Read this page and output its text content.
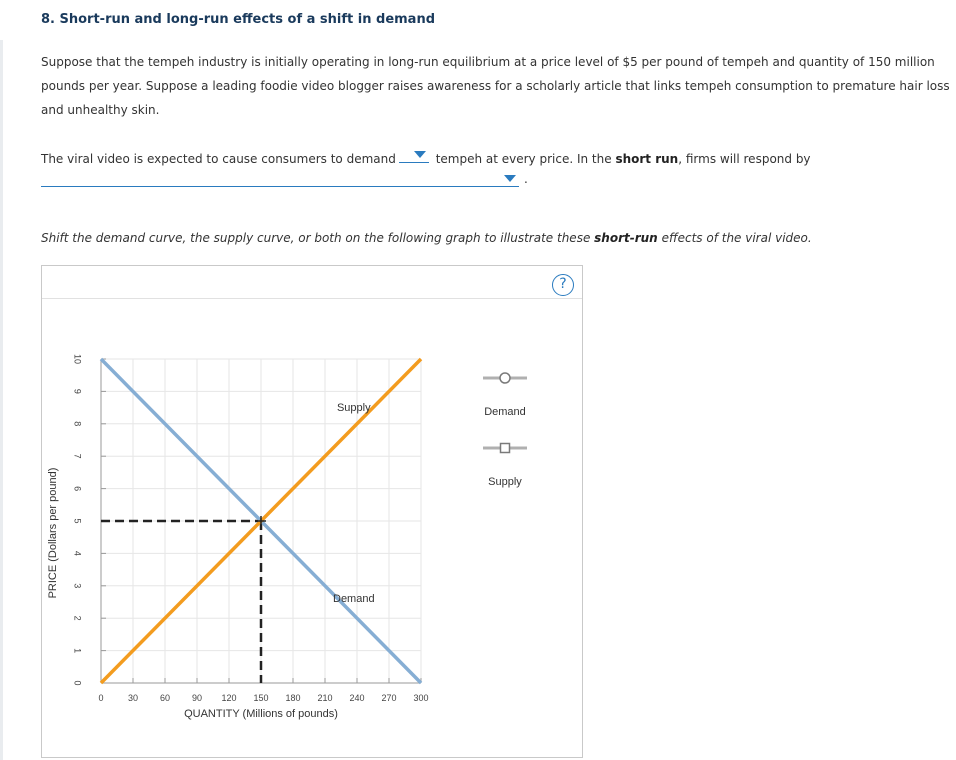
8. Short-run and long-run effects of a shift in demand

Suppose that the tempeh industry is initially operating in long-run equilibrium at a price level of $5 per pound of tempeh and quantity of 150 million pounds per year. Suppose a leading foodie video blogger raises awareness for a scholarly article that links tempeh consumption to premature hair loss and unhealthy skin.

The viral video is expected to cause consumers to demand	tempeh at every price. In the short run, firms will respond by

.

Shift the demand curve, the supply curve, or both on the following graph to illustrate these short-run effects of the viral video.

?
0	30 60 90 120 150 180 210 240 270 300
0
1
2
3
4
5
6
7
8
9
10
QUANTITY (Millions of pounds)
PRICE (Dollars per pound)
Demand
Supply	Demand
Supply
